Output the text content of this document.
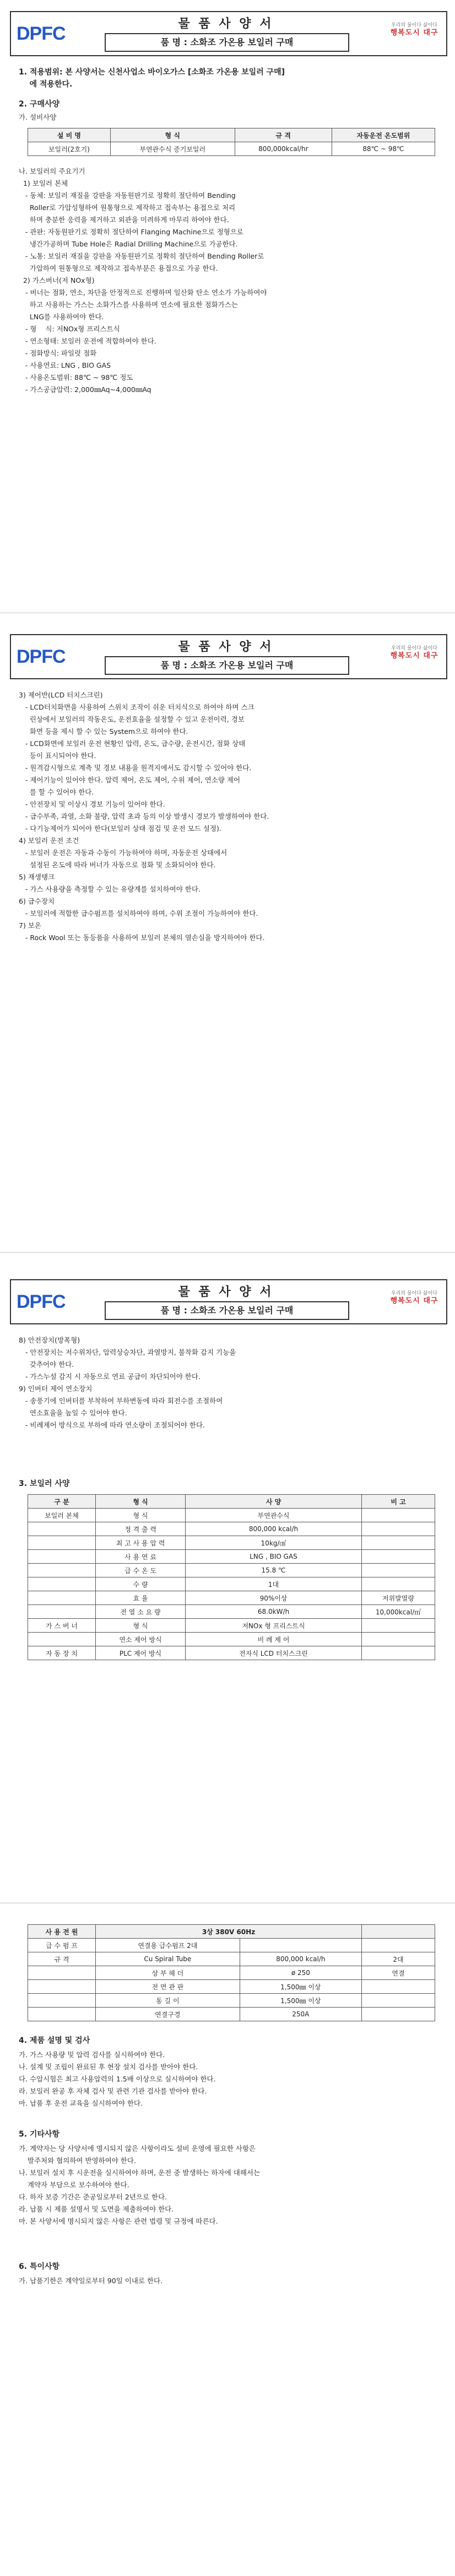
DPFC	물 품 사 양 서
품 명 : 소화조 가온용 보일러 구매
우리의 물이다 삶이다
행복도시 대구
1. 적용범위: 본 사양서는 신천사업소 바이오가스 [소화조 가온용 보일러 구매]
에 적용한다.
2. 구매사양
가. 설비사양
설 비 명	형 식	규 격	자동운전 온도범위
보일러(2호기)	부연관수식 증기보일러	800,000kcal/hr	88℃ ~ 98℃
나. 보일러의 주요기기
1) 보일러 본체
- 동체: 보일러 재질을 강판을 자동원판기로 정확히 절단하여 Bending
Roller로 가압성형하여 원통형으로 제작하고 접속부는 용접으로 처리
하며 충분한 응력을 제거하고 외관을 미려하게 마무리 하여야 한다.
- 관판: 자동원판기로 정확히 절단하여 Flanging Machine으로 정형으로
냉간가공하며 Tube Hole은 Radial Drilling Machine으로 가공한다.
- 노통: 보일러 재질을 강판을 자동원판기로 정확히 절단하여 Bending Roller로
가압하여 원통형으로 제작하고 접속부분은 용접으로 가공 한다.
2) 가스버너(저 NOx형)
- 버너는 점화, 연소, 차단을 안정적으로 진행하며 일산화 탄소 연소가 가능하여야
하고 사용하는 가스는 소화가스를 사용하며 연소에 필요한 점화가스는
LNG를 사용하여야 한다.
- 형    식: 저NOx형 프리스트식
- 연소형태: 보일러 운전에 적합하여야 한다.
- 점화방식: 파일럿 점화
- 사용연료: LNG , BIO GAS
- 사용온도범위: 88℃ ~ 98℃ 정도
- 가스공급압력: 2,000㎜Aq~4,000㎜Aq
DPFC	물 품 사 양 서
품 명 : 소화조 가온용 보일러 구매
우리의 물이다 삶이다
행복도시 대구
3) 제어반(LCD 터치스크린)
- LCD터치화면을 사용하여 스위치 조작이 쉬운 터치식으로 하여야 하며 스크
린상에서 보일러의 작동온도, 운전효율을 설정할 수 있고 운전이력, 경보
화면 등을 제시 할 수 있는 System으로 하여야 한다.
- LCD화면에 보일러 운전 현황인 압력, 온도, 급수량, 운전시간, 점화 상태
등이 표시되어야 한다.
- 원격감시형으로 계측 및 경보 내용을 원격지에서도 감시할 수 있어야 한다.
- 제어기능이 있어야 한다. 압력 제어, 온도 제어, 수위 제어, 연소량 제어
를 할 수 있어야 한다.
- 안전장치 및 이상시 경보 기능이 있어야 한다.
- 급수부족, 과열, 소화 불량, 압력 초과 등의 이상 발생시 경보가 발생하여야 한다.
- 다기능제어가 되어야 한다(보일러 상태 점검 및 운전 모드 설정).
4) 보일러 운전 조건
- 보일러 운전은 자동과 수동이 가능하여야 하며, 자동운전 상태에서
설정된 온도에 따라 버너가 자동으로 점화 및 소화되어야 한다.
5) 재생탱크
- 가스 사용량을 측정할 수 있는 유량계를 설치하여야 한다.
6) 급수장치
- 보일러에 적합한 급수펌프를 설치하여야 하며, 수위 조절이 가능하여야 한다.
7) 보온
- Rock Wool 또는 동등품을 사용하여 보일러 본체의 열손실을 방지하여야 한다.
DPFC	물 품 사 양 서
품 명 : 소화조 가온용 보일러 구매
우리의 물이다 삶이다
행복도시 대구
8) 안전장치(방폭형)
- 안전장치는 저수위차단, 압력상승차단, 과열방지, 불착화 감지 기능을
갖추어야 한다.
- 가스누설 감지 시 자동으로 연료 공급이 차단되어야 한다.
9) 인버터 제어 연소장치
- 송풍기에 인버터를 부착하여 부하변동에 따라 회전수를 조절하여
연소효율을 높일 수 있어야 한다.
- 비례제어 방식으로 부하에 따라 연소량이 조절되어야 한다.
3. 보일러 사양
구 분	형 식	사 양	비 고
보일러 본체	형 식	부연관수식	
	정 격 출 력	800,000 kcal/h	
	최 고 사 용 압 력	10kg/㎠	
	사 용 연 료	LNG , BIO GAS	
	급 수 온 도	15.8 ℃	
	수 량	1대	
	효 율	90%이상	저위발열량
	전 열 소 요 량	68.0kW/h	10,000kcal/㎥
가 스 버 너	형 식	저NOx 형 프리스트식	
	연소 제어 방식	비 례 제 어	
자 동 장 치	PLC 제어 방식	전자식 LCD 터치스크린	
사 용 전 원	3상 380V 60Hz		
급 수 펌 프	연결용 급수펌프 2대		
규 격	Cu Spiral Tube	800,000 kcal/h	2대
	상 부 헤 더	ø 250	연결
	전 면 관 판	1,500㎜ 이상	
	동 길 이	1,500㎜ 이상	
	연결구경	250A	
4. 제품 설명 및 검사
가. 가스 사용량 및 압력 검사를 실시하여야 한다.
나. 설계 및 조립이 완료된 후 현장 설치 검사를 받아야 한다.
다. 수압시험은 최고 사용압력의 1.5배 이상으로 실시하여야 한다.
라. 보일러 완공 후 자체 검사 및 관련 기관 검사를 받아야 한다.
마. 납품 후 운전 교육을 실시하여야 한다.
5. 기타사항
가. 계약자는 당 사양서에 명시되지 않은 사항이라도 설비 운영에 필요한 사항은
발주처와 협의하여 반영하여야 한다.
나. 보일러 설치 후 시운전을 실시하여야 하며, 운전 중 발생하는 하자에 대해서는
계약자 부담으로 보수하여야 한다.
다. 하자 보증 기간은 준공일로부터 2년으로 한다.
라. 납품 시 제품 설명서 및 도면을 제출하여야 한다.
마. 본 사양서에 명시되지 않은 사항은 관련 법령 및 규정에 따른다.
6. 특이사항
가. 납품기한은 계약일로부터 90일 이내로 한다.
